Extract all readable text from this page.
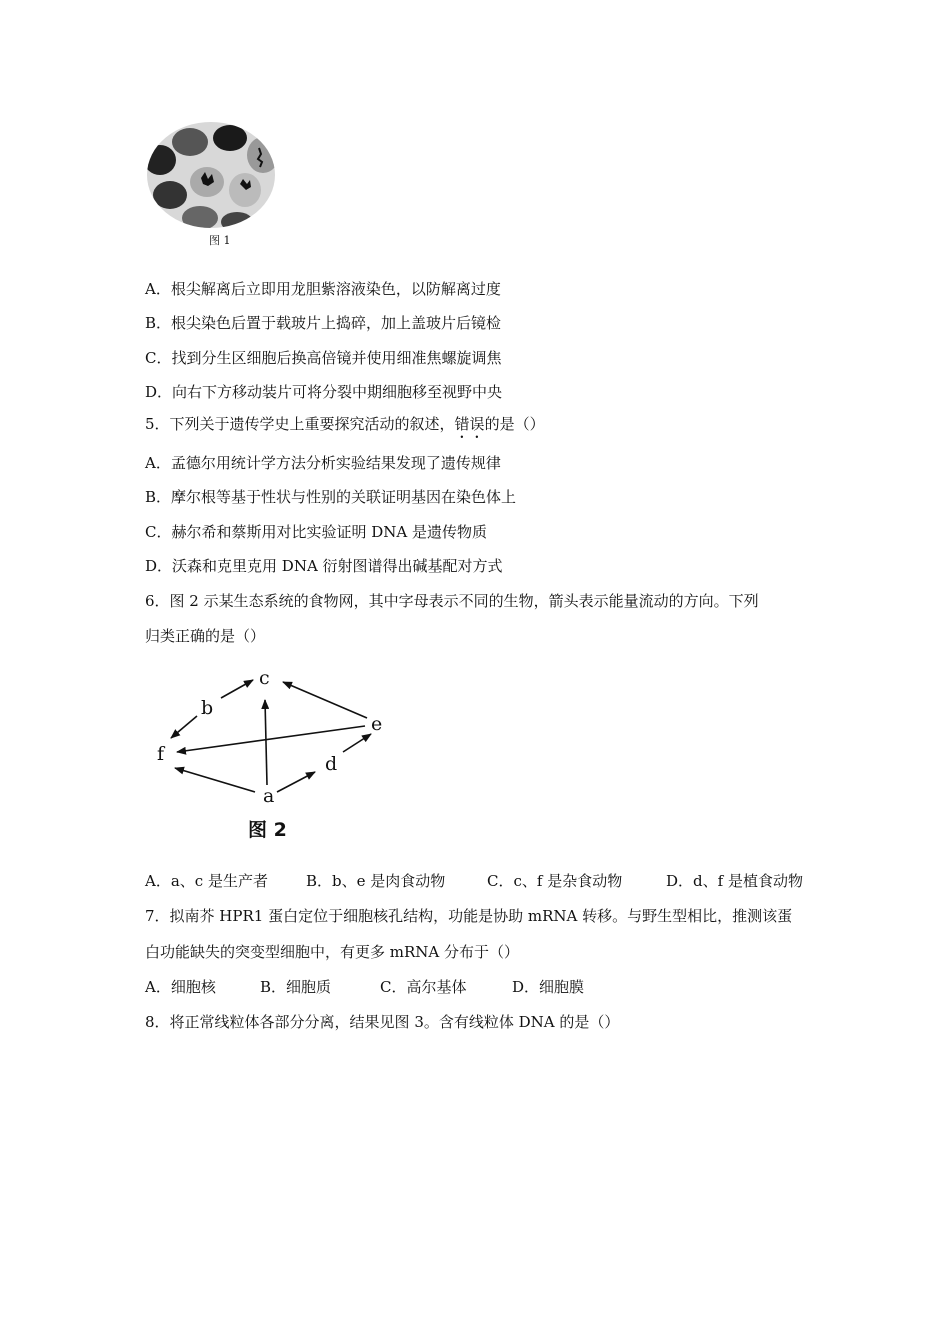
图 1
A．根尖解离后立即用龙胆紫溶液染色，以防解离过度
B．根尖染色后置于载玻片上捣碎，加上盖玻片后镜检
C．找到分生区细胞后换高倍镜并使用细准焦螺旋调焦
D．向右下方移动装片可将分裂中期细胞移至视野中央
5．下列关于遗传学史上重要探究活动的叙述，错误的是（）
A．孟德尔用统计学方法分析实验结果发现了遗传规律
B．摩尔根等基于性状与性别的关联证明基因在染色体上
C．赫尔希和蔡斯用对比实验证明 DNA 是遗传物质
D．沃森和克里克用 DNA 衍射图谱得出碱基配对方式
6．图 2 示某生态系统的食物网，其中字母表示不同的生物，箭头表示能量流动的方向。下列
归类正确的是（）
c
b
e
f	d
a
图 2
A．a、c 是生产者	B．b、e 是肉食动物	C．c、f 是杂食动物	D．d、f 是植食动物
7．拟南芥 HPR1 蛋白定位于细胞核孔结构，功能是协助 mRNA 转移。与野生型相比，推测该蛋
白功能缺失的突变型细胞中，有更多 mRNA 分布于（）
A．细胞核	B．细胞质	C．高尔基体	D．细胞膜
8．将正常线粒体各部分分离，结果见图 3。含有线粒体 DNA 的是（）
